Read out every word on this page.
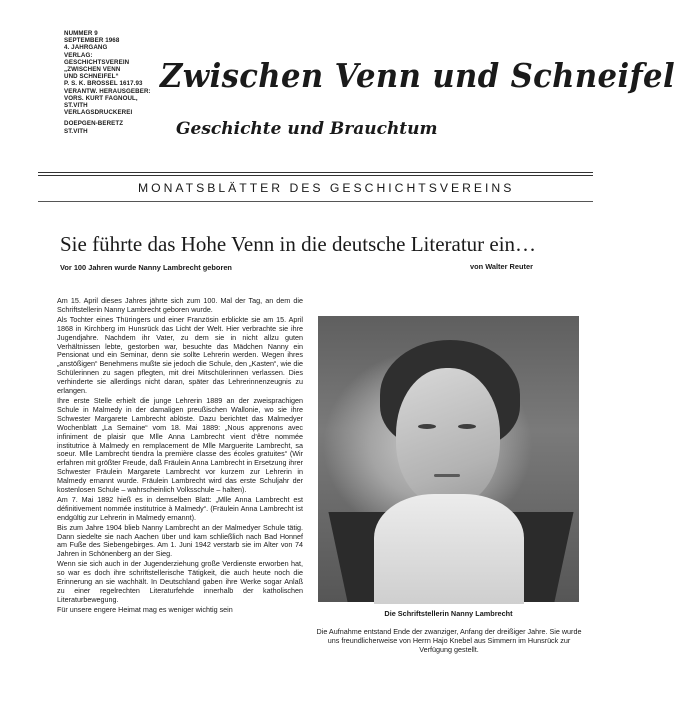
NUMMER 9
SEPTEMBER 1968
4. JAHRGANG
VERLAG:
GESCHICHTSVEREIN
„ZWISCHEN VENN
UND SCHNEIFEL“
P. S. K. BROSSEL 1617.93
VERANTW. HERAUSGEBER:
VORS. KURT FAGNOUL,
ST.VITH
VERLAGSDRUCKEREI
DOEPGEN-BERETZ
ST.VITH
Zwischen Venn und Schneifel
Geschichte und Brauchtum
MONATSBLÄTTER DES GESCHICHTSVEREINS
Sie führte das Hohe Venn in die deutsche Literatur ein…
Vor 100 Jahren wurde Nanny Lambrecht geboren	von Walter Reuter

Am 15. April dieses Jahres jährte sich zum 100. Mal der Tag, an dem die Schriftstellerin Nanny Lambrecht geboren wurde.

Als Tochter eines Thüringers und einer Französin erblickte sie am 15. April 1868 in Kirchberg im Hunsrück das Licht der Welt. Hier verbrachte sie ihre Jugendjahre. Nachdem ihr Vater, zu dem sie in nicht allzu guten Verhältnissen lebte, gestorben war, besuchte das Mädchen Nanny ein Pensionat und ein Seminar, denn sie sollte Lehrerin werden. Wegen ihres „anstößigen“ Benehmens mußte sie jedoch die Schule, den „Kasten“, wie die Schülerinnen zu sagen pflegten, mit drei Mitschülerinnen verlassen. Dies verhinderte sie allerdings nicht daran, später das Lehrerinnenzeugnis zu erlangen.

Ihre erste Stelle erhielt die junge Lehrerin 1889 an der zweisprachigen Schule in Malmedy in der damaligen preußischen Wallonie, wo sie ihre Schwester Margarete Lambrecht ablöste. Dazu berichtet das Malmedyer Wochenblatt „La Semaine“ vom 18. Mai 1889: „Nous apprenons avec infiniment de plaisir que Mlle Anna Lambrecht vient d’être nommée institutrice à Malmedy en remplacement de Mlle Marguerite Lambrecht, sa soeur. Mlle Lambrecht tiendra la première classe des écoles gratuites“ (Wir erfahren mit größter Freude, daß Fräulein Anna Lambrecht in Ersetzung ihrer Schwester Fräulein Margarete Lambrecht vor kurzem zur Lehrerin in Malmedy ernannt wurde. Fräulein Lambrecht wird das erste Schuljahr der kostenlosen Schule – wahrscheinlich Volksschule – halten).

Am 7. Mai 1892 hieß es in demselben Blatt: „Mlle Anna Lambrecht est définitivement nommée institutrice à Malmedy“. (Fräulein Anna Lambrecht ist endgültig zur Lehrerin in Malmedy ernannt).

Bis zum Jahre 1904 blieb Nanny Lambrecht an der Malmedyer Schule tätig. Dann siedelte sie nach Aachen über und kam schließlich nach Bad Honnef am Fuße des Siebengebirges. Am 1. Juni 1942 verstarb sie im Alter von 74 Jahren in Schönenberg an der Sieg.

Wenn sie sich auch in der Jugenderziehung große Verdienste erworben hat, so war es doch ihre schriftstellerische Tätigkeit, die auch heute noch die Erinnerung an sie wachhält. In Deutschland gaben ihre Werke sogar Anlaß zu einer regelrechten Literaturfehde innerhalb der katholischen Literaturbewegung.

Für unsere engere Heimat mag es weniger wichtig sein	Die Schriftstellerin Nanny Lambrecht
Die Aufnahme entstand Ende der zwanziger, Anfang der dreißiger Jahre. Sie wurde uns freundlicherweise von Herrn Hajo Knebel aus Simmern im Hunsrück zur Verfügung gestellt.
